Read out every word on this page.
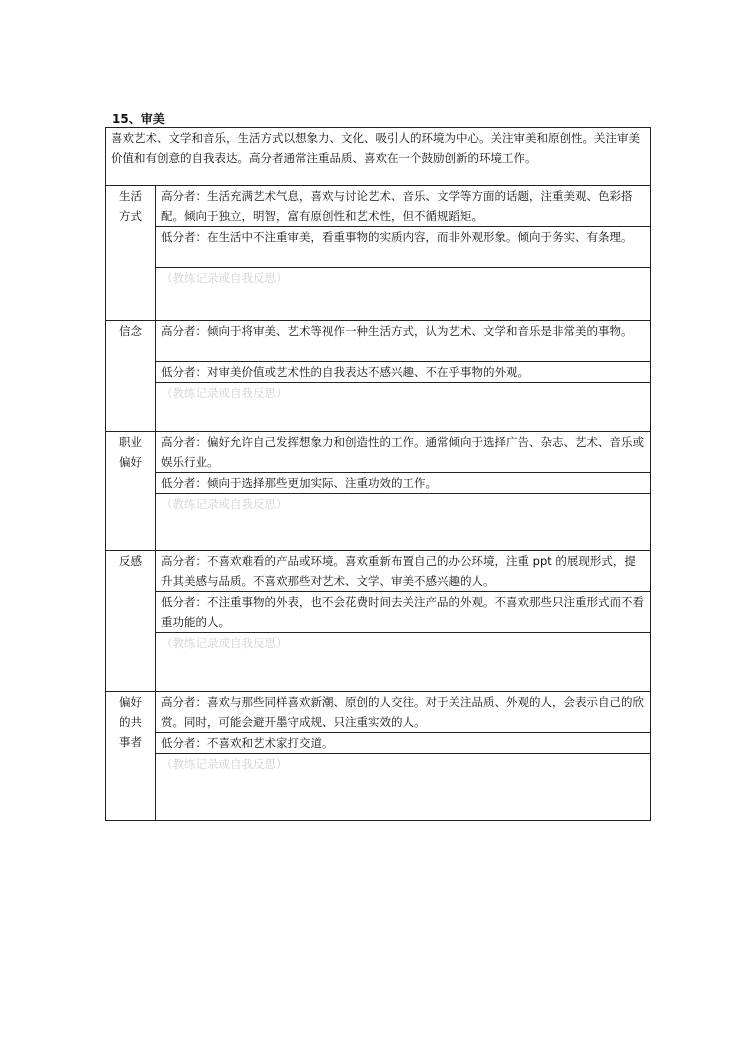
15、审美
喜欢艺术、文学和音乐，生活方式以想象力、文化、吸引人的环境为中心。关注审美和原创性。关注审美价值和有创意的自我表达。高分者通常注重品质、喜欢在一个鼓励创新的环境工作。	
生活方式	高分者：生活充满艺术气息，喜欢与讨论艺术、音乐、文学等方面的话题，注重美观、色彩搭配。倾向于独立，明智，富有原创性和艺术性，但不循规蹈矩。
	低分者：在生活中不注重审美，看重事物的实质内容，而非外观形象。倾向于务实、有条理。
	（教练记录或自我反思）
信念	高分者：倾向于将审美、艺术等视作一种生活方式，认为艺术、文学和音乐是非常美的事物。
	低分者：对审美价值或艺术性的自我表达不感兴趣、不在乎事物的外观。
	（教练记录或自我反思）
职业偏好	高分者：偏好允许自己发挥想象力和创造性的工作。通常倾向于选择广告、杂志、艺术、音乐或娱乐行业。
	低分者：倾向于选择那些更加实际、注重功效的工作。
	（教练记录或自我反思）
反感	高分者：不喜欢难看的产品或环境。喜欢重新布置自己的办公环境，注重 ppt 的展现形式，提升其美感与品质。不喜欢那些对艺术、文学、审美不感兴趣的人。
	低分者：不注重事物的外表，也不会花费时间去关注产品的外观。不喜欢那些只注重形式而不看重功能的人。
	（教练记录或自我反思）
偏好的共事者	高分者：喜欢与那些同样喜欢新潮、原创的人交往。对于关注品质、外观的人，会表示自己的欣赏。同时，可能会避开墨守成规、只注重实效的人。
	低分者：不喜欢和艺术家打交道。
	（教练记录或自我反思）
